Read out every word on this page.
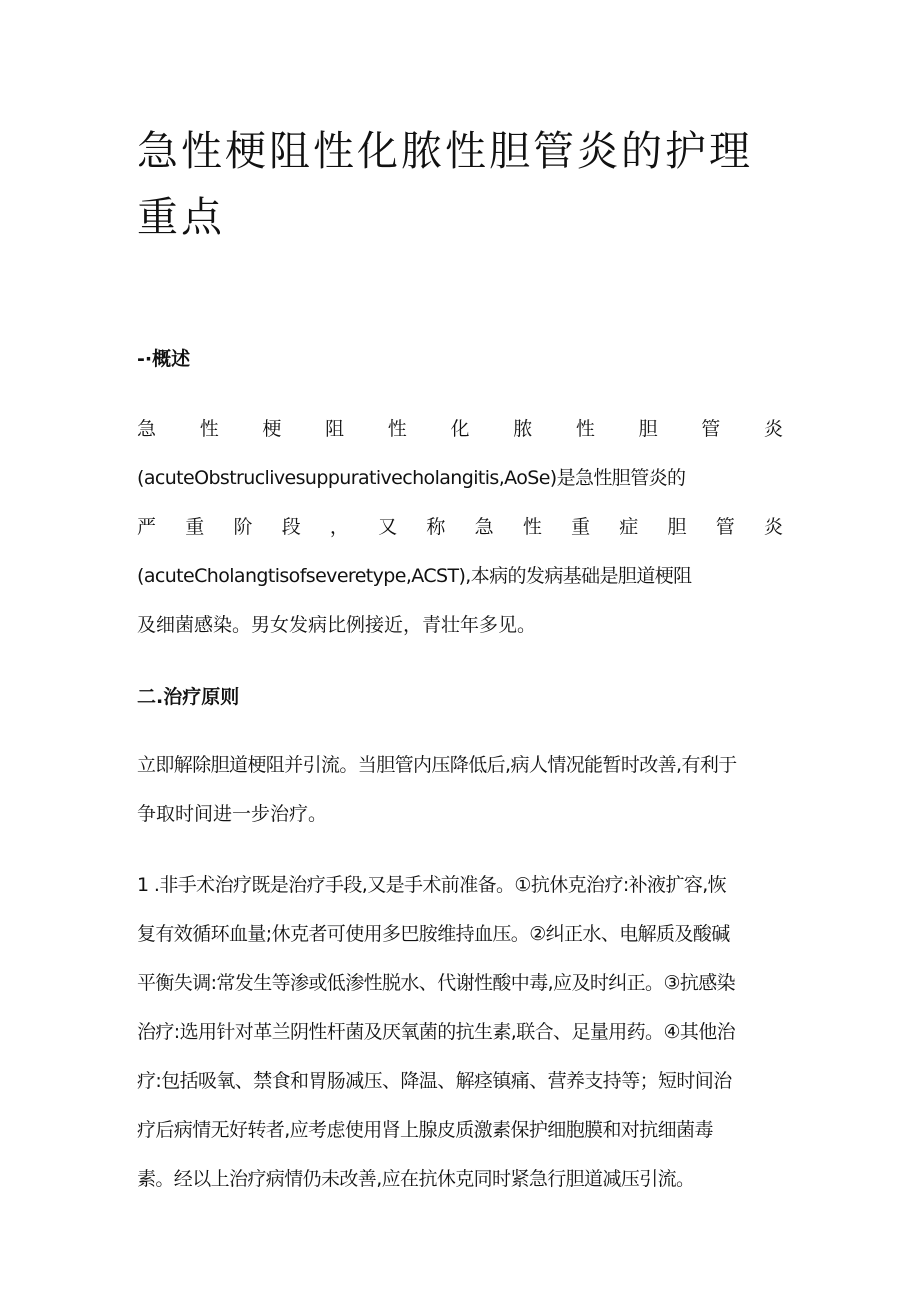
急性梗阻性化脓性胆管炎的护理重点
-·概述
急 性 梗 阻 性 化 脓 性 胆 管 炎
(acuteObstruclivesuppurativecholangitis,AoSe)是急性胆管炎的
严 重 阶 段 ， 又 称 急 性 重 症 胆 管 炎
(acuteCholangtisofseveretype,ACST),本病的发病基础是胆道梗阻
及细菌感染。男女发病比例接近，青壮年多见。
二.治疗原则
立即解除胆道梗阻并引流。当胆管内压降低后,病人情况能暂时改善,有利于
争取时间进一步治疗。
1 .非手术治疗既是治疗手段,又是手术前准备。①抗休克治疗:补液扩容,恢
复有效循环血量;休克者可使用多巴胺维持血压。②纠正水、电解质及酸碱
平衡失调:常发生等渗或低渗性脱水、代谢性酸中毒,应及时纠正。③抗感染
治疗:选用针对革兰阴性杆菌及厌氧菌的抗生素,联合、足量用药。④其他治
疗:包括吸氧、禁食和胃肠减压、降温、解痉镇痛、营养支持等；短时间治
疗后病情无好转者,应考虑使用肾上腺皮质激素保护细胞膜和对抗细菌毒
素。经以上治疗病情仍未改善,应在抗休克同时紧急行胆道减压引流。
